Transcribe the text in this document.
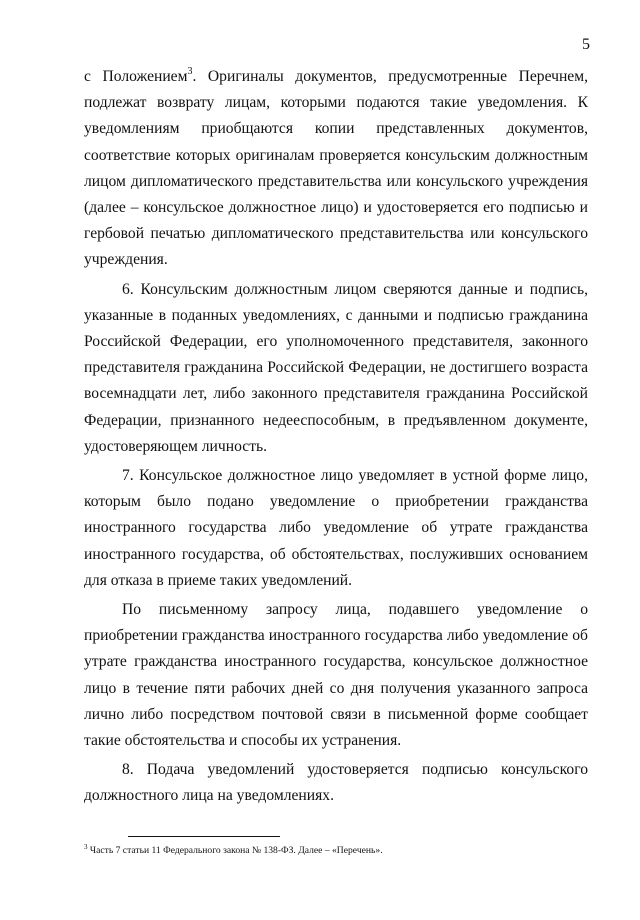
5

с Положением$^3$. Оригиналы документов, предусмотренные Перечнем, подлежат возврату лицам, которыми подаются такие уведомления. К уведомлениям приобщаются копии представленных документов, соответствие которых оригиналам проверяется консульским должностным лицом дипломатического представительства или консульского учреждения (далее – консульское должностное лицо) и удостоверяется его подписью и гербовой печатью дипломатического представительства или консульского учреждения.

6. Консульским должностным лицом сверяются данные и подпись, указанные в поданных уведомлениях, с данными и подписью гражданина Российской Федерации, его уполномоченного представителя, законного представителя гражданина Российской Федерации, не достигшего возраста восемнадцати лет, либо законного представителя гражданина Российской Федерации, признанного недееспособным, в предъявленном документе, удостоверяющем личность.

7. Консульское должностное лицо уведомляет в устной форме лицо, которым было подано уведомление о приобретении гражданства иностранного государства либо уведомление об утрате гражданства иностранного государства, об обстоятельствах, послуживших основанием для отказа в приеме таких уведомлений.

По письменному запросу лица, подавшего уведомление о приобретении гражданства иностранного государства либо уведомление об утрате гражданства иностранного государства, консульское должностное лицо в течение пяти рабочих дней со дня получения указанного запроса лично либо посредством почтовой связи в письменной форме сообщает такие обстоятельства и способы их устранения.

8. Подача уведомлений удостоверяется подписью консульского должностного лица на уведомлениях.

$^3$ Часть 7 статьи 11 Федерального закона № 138-ФЗ. Далее – «Перечень».
